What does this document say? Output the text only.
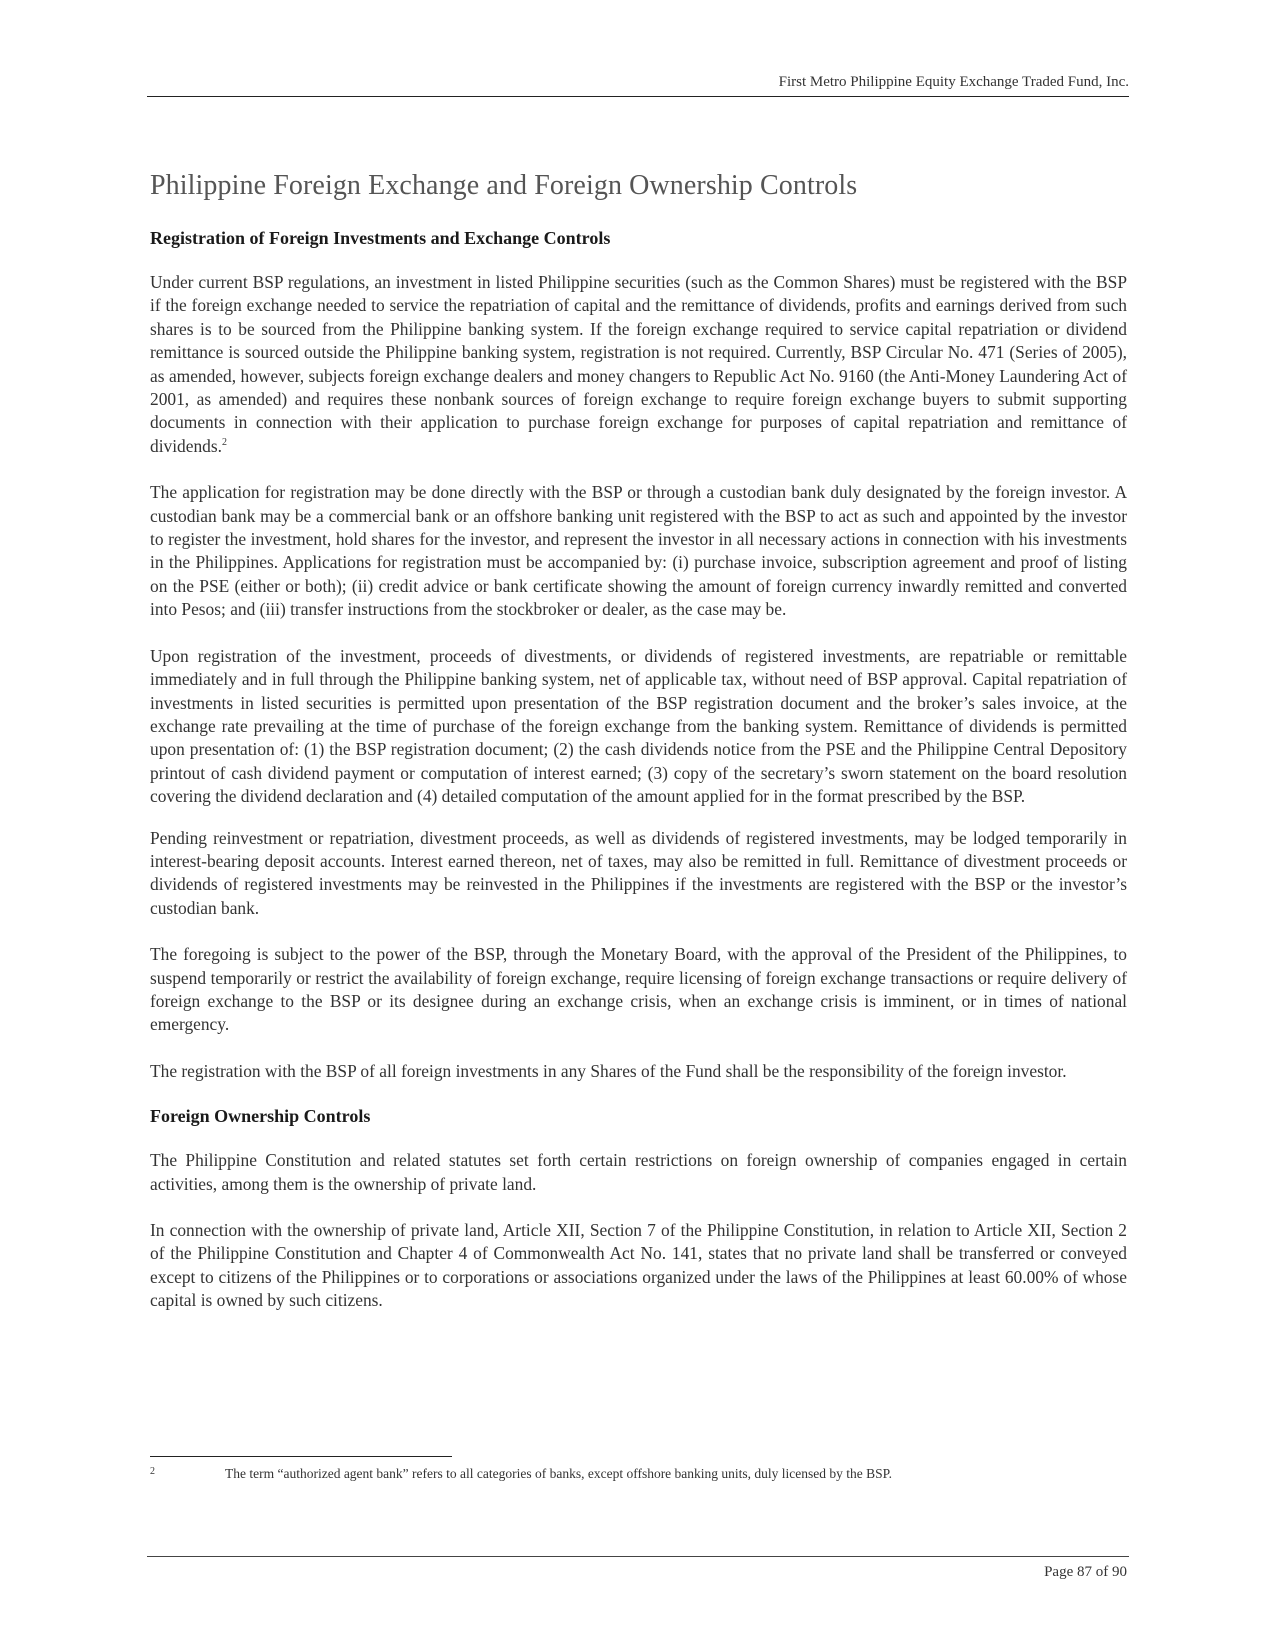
First Metro Philippine Equity Exchange Traded Fund, Inc.
Philippine Foreign Exchange and Foreign Ownership Controls
Registration of Foreign Investments and Exchange Controls

Under current BSP regulations, an investment in listed Philippine securities (such as the Common Shares) must be registered with the BSP if the foreign exchange needed to service the repatriation of capital and the remittance of dividends, profits and earnings derived from such shares is to be sourced from the Philippine banking system. If the foreign exchange required to service capital repatriation or dividend remittance is sourced outside the Philippine banking system, registration is not required. Currently, BSP Circular No. 471 (Series of 2005), as amended, however, subjects foreign exchange dealers and money changers to Republic Act No. 9160 (the Anti-Money Laundering Act of 2001, as amended) and requires these nonbank sources of foreign exchange to require foreign exchange buyers to submit supporting documents in connection with their application to purchase foreign exchange for purposes of capital repatriation and remittance of dividends.$^2$

The application for registration may be done directly with the BSP or through a custodian bank duly designated by the foreign investor. A custodian bank may be a commercial bank or an offshore banking unit registered with the BSP to act as such and appointed by the investor to register the investment, hold shares for the investor, and represent the investor in all necessary actions in connection with his investments in the Philippines. Applications for registration must be accompanied by: (i) purchase invoice, subscription agreement and proof of listing on the PSE (either or both); (ii) credit advice or bank certificate showing the amount of foreign currency inwardly remitted and converted into Pesos; and (iii) transfer instructions from the stockbroker or dealer, as the case may be.

Upon registration of the investment, proceeds of divestments, or dividends of registered investments, are repatriable or remittable immediately and in full through the Philippine banking system, net of applicable tax, without need of BSP approval. Capital repatriation of investments in listed securities is permitted upon presentation of the BSP registration document and the broker’s sales invoice, at the exchange rate prevailing at the time of purchase of the foreign exchange from the banking system. Remittance of dividends is permitted upon presentation of: (1) the BSP registration document; (2) the cash dividends notice from the PSE and the Philippine Central Depository printout of cash dividend payment or computation of interest earned; (3) copy of the secretary’s sworn statement on the board resolution covering the dividend declaration and (4) detailed computation of the amount applied for in the format prescribed by the BSP.

Pending reinvestment or repatriation, divestment proceeds, as well as dividends of registered investments, may be lodged temporarily in interest-bearing deposit accounts. Interest earned thereon, net of taxes, may also be remitted in full. Remittance of divestment proceeds or dividends of registered investments may be reinvested in the Philippines if the investments are registered with the BSP or the investor’s custodian bank.

The foregoing is subject to the power of the BSP, through the Monetary Board, with the approval of the President of the Philippines, to suspend temporarily or restrict the availability of foreign exchange, require licensing of foreign exchange transactions or require delivery of foreign exchange to the BSP or its designee during an exchange crisis, when an exchange crisis is imminent, or in times of national emergency.

The registration with the BSP of all foreign investments in any Shares of the Fund shall be the responsibility of the foreign investor.

Foreign Ownership Controls

The Philippine Constitution and related statutes set forth certain restrictions on foreign ownership of companies engaged in certain activities, among them is the ownership of private land.

In connection with the ownership of private land, Article XII, Section 7 of the Philippine Constitution, in relation to Article XII, Section 2 of the Philippine Constitution and Chapter 4 of Commonwealth Act No. 141, states that no private land shall be transferred or conveyed except to citizens of the Philippines or to corporations or associations organized under the laws of the Philippines at least 60.00% of whose capital is owned by such citizens.

2	The term “authorized agent bank” refers to all categories of banks, except offshore banking units, duly licensed by the BSP.
Page 87 of 90
